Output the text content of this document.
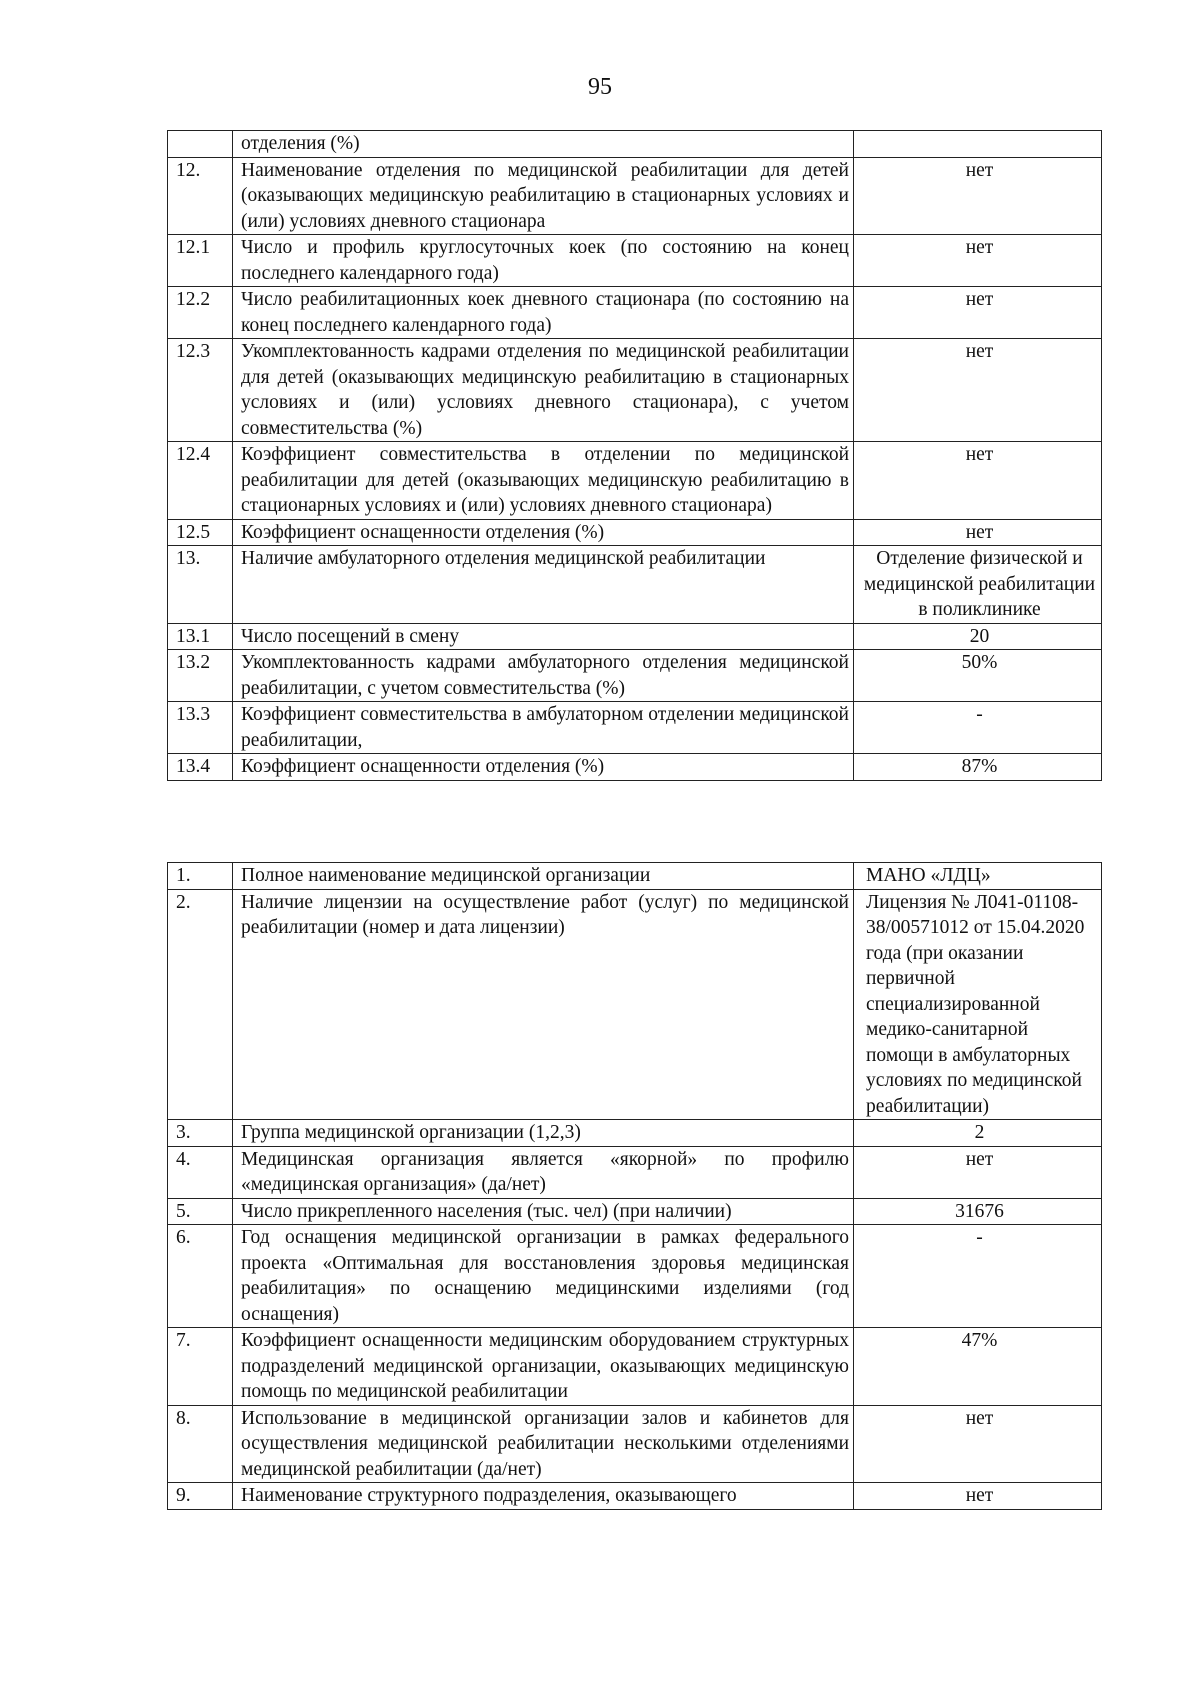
95
	отделения (%)	
12.	Наименование отделения по медицинской реабилитации для детей (оказывающих медицинскую реабилитацию в стационарных условиях и (или) условиях дневного стационара	нет
12.1	Число и профиль круглосуточных коек (по состоянию на конец последнего календарного года)	нет
12.2	Число реабилитационных коек дневного стационара (по состоянию на конец последнего календарного года)	нет
12.3	Укомплектованность кадрами отделения по медицинской реабилитации для детей (оказывающих медицинскую реабилитацию в стационарных условиях и (или) условиях дневного стационара), с учетом совместительства (%)	нет
12.4	Коэффициент совместительства в отделении по медицинской реабилитации для детей (оказывающих медицинскую реабилитацию в стационарных условиях и (или) условиях дневного стационара)	нет
12.5	Коэффициент оснащенности отделения (%)	нет
13.	Наличие амбулаторного отделения медицинской реабилитации	Отделение физической и медицинской реабилитации в поликлинике
13.1	Число посещений в смену	20
13.2	Укомплектованность кадрами амбулаторного отделения медицинской реабилитации, с учетом совместительства (%)	50%
13.3	Коэффициент совместительства в амбулаторном отделении медицинской реабилитации,	-
13.4	Коэффициент оснащенности отделения (%)	87%
1.	Полное наименование медицинской организации	МАНО «ЛДЦ»
2.	Наличие лицензии на осуществление работ (услуг) по медицинской реабилитации (номер и дата лицензии)	Лицензия № Л041-01108-38/00571012 от 15.04.2020 года (при оказании первичной специализированной медико-санитарной помощи в амбулаторных условиях по медицинской реабилитации)
3.	Группа медицинской организации (1,2,3)	2
4.	Медицинская организация является «якорной» по профилю «медицинская организация» (да/нет)	нет
5.	Число прикрепленного населения (тыс. чел) (при наличии)	31676
6.	Год оснащения медицинской организации в рамках федерального проекта «Оптимальная для восстановления здоровья медицинская реабилитация» по оснащению медицинскими изделиями (год оснащения)	-
7.	Коэффициент оснащенности медицинским оборудованием структурных подразделений медицинской организации, оказывающих медицинскую помощь по медицинской реабилитации	47%
8.	Использование в медицинской организации залов и кабинетов для осуществления медицинской реабилитации несколькими отделениями медицинской реабилитации (да/нет)	нет
9.	Наименование структурного подразделения, оказывающего	нет
